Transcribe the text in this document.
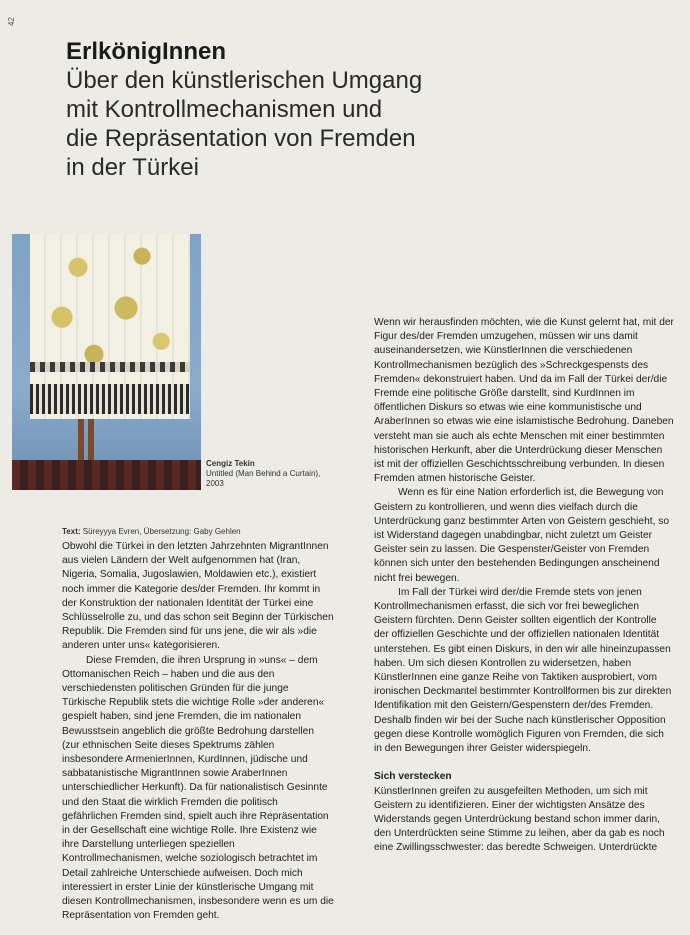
42
ErlkönigInnen
Über den künstlerischen Umgang
mit Kontrollmechanismen und
die Repräsentation von Fremden
in der Türkei
Cengiz Tekin
Untitled (Man Behind a Curtain),
2003
Text: Süreyyya Evren, Übersetzung: Gaby Gehlen

Obwohl die Türkei in den letzten Jahrzehnten MigrantInnen aus vielen Ländern der Welt aufgenommen hat (Iran, Nigeria, Somalia, Jugoslawien, Moldawien etc.), existiert noch immer die Kategorie des/der Fremden. Ihr kommt in der Konstruktion der nationalen Identität der Türkei eine Schlüsselrolle zu, und das schon seit Beginn der Türkischen Republik. Die Fremden sind für uns jene, die wir als »die anderen unter uns« kategorisieren.

Diese Fremden, die ihren Ursprung in »uns« – dem Ottomanischen Reich – haben und die aus den verschiedensten politischen Gründen für die junge Türkische Republik stets die wichtige Rolle »der anderen« gespielt haben, sind jene Fremden, die im nationalen Bewusstsein angeblich die größte Bedrohung darstellen (zur ethnischen Seite dieses Spektrums zählen insbesondere ArmenierInnen, KurdInnen, jüdische und sabbatanistische MigrantInnen sowie AraberInnen unterschiedlicher Herkunft). Da für nationalistisch Gesinnte und den Staat die wirklich Fremden die politisch gefährlichen Fremden sind, spielt auch ihre Repräsentation in der Gesellschaft eine wichtige Rolle. Ihre Existenz wie ihre Darstellung unterliegen speziellen Kontrollmechanismen, welche soziologisch betrachtet im Detail zahlreiche Unterschiede aufweisen. Doch mich interessiert in erster Linie der künstlerische Umgang mit diesen Kontrollmechanismen, insbesondere wenn es um die Repräsentation von Fremden geht.

Wenn wir herausfinden möchten, wie die Kunst gelernt hat, mit der Figur des/der Fremden umzugehen, müssen wir uns damit auseinandersetzen, wie KünstlerInnen die verschiedenen Kontrollmechanismen bezüglich des »Schreckgespensts des Fremden« dekonstruiert haben. Und da im Fall der Türkei der/die Fremde eine politische Größe darstellt, sind KurdInnen im öffentlichen Diskurs so etwas wie eine kommunistische und AraberInnen so etwas wie eine islamistische Bedrohung. Daneben versteht man sie auch als echte Menschen mit einer bestimmten historischen Herkunft, aber die Unterdrückung dieser Menschen ist mit der offiziellen Geschichtsschreibung verbunden. In diesen Fremden atmen historische Geister.

Wenn es für eine Nation erforderlich ist, die Bewegung von Geistern zu kontrollieren, und wenn dies vielfach durch die Unterdrückung ganz bestimmter Arten von Geistern geschieht, so ist Widerstand dagegen unabdingbar, nicht zuletzt um Geister Geister sein zu lassen. Die Gespenster/Geister von Fremden können sich unter den bestehenden Bedingungen anscheinend nicht frei bewegen.

Im Fall der Türkei wird der/die Fremde stets von jenen Kontrollmechanismen erfasst, die sich vor frei beweglichen Geistern fürchten. Denn Geister sollten eigentlich der Kontrolle der offiziellen Geschichte und der offiziellen nationalen Identität unterstehen. Es gibt einen Diskurs, in den wir alle hineinzupassen haben. Um sich diesen Kontrollen zu widersetzen, haben KünstlerInnen eine ganze Reihe von Taktiken ausprobiert, vom ironischen Deckmantel bestimmter Kontrollformen bis zur direkten Identifikation mit den Geistern/Gespenstern der/des Fremden. Deshalb finden wir bei der Suche nach künstlerischer Opposition gegen diese Kontrolle womöglich Figuren von Fremden, die sich in den Bewegungen ihrer Geister widerspiegeln.

Sich verstecken

KünstlerInnen greifen zu ausgefeilten Methoden, um sich mit Geistern zu identifizieren. Einer der wichtigsten Ansätze des Widerstands gegen Unterdrückung bestand schon immer darin, den Unterdrückten seine Stimme zu leihen, aber da gab es noch eine Zwillingsschwester: das beredte Schweigen. Unterdrückte
